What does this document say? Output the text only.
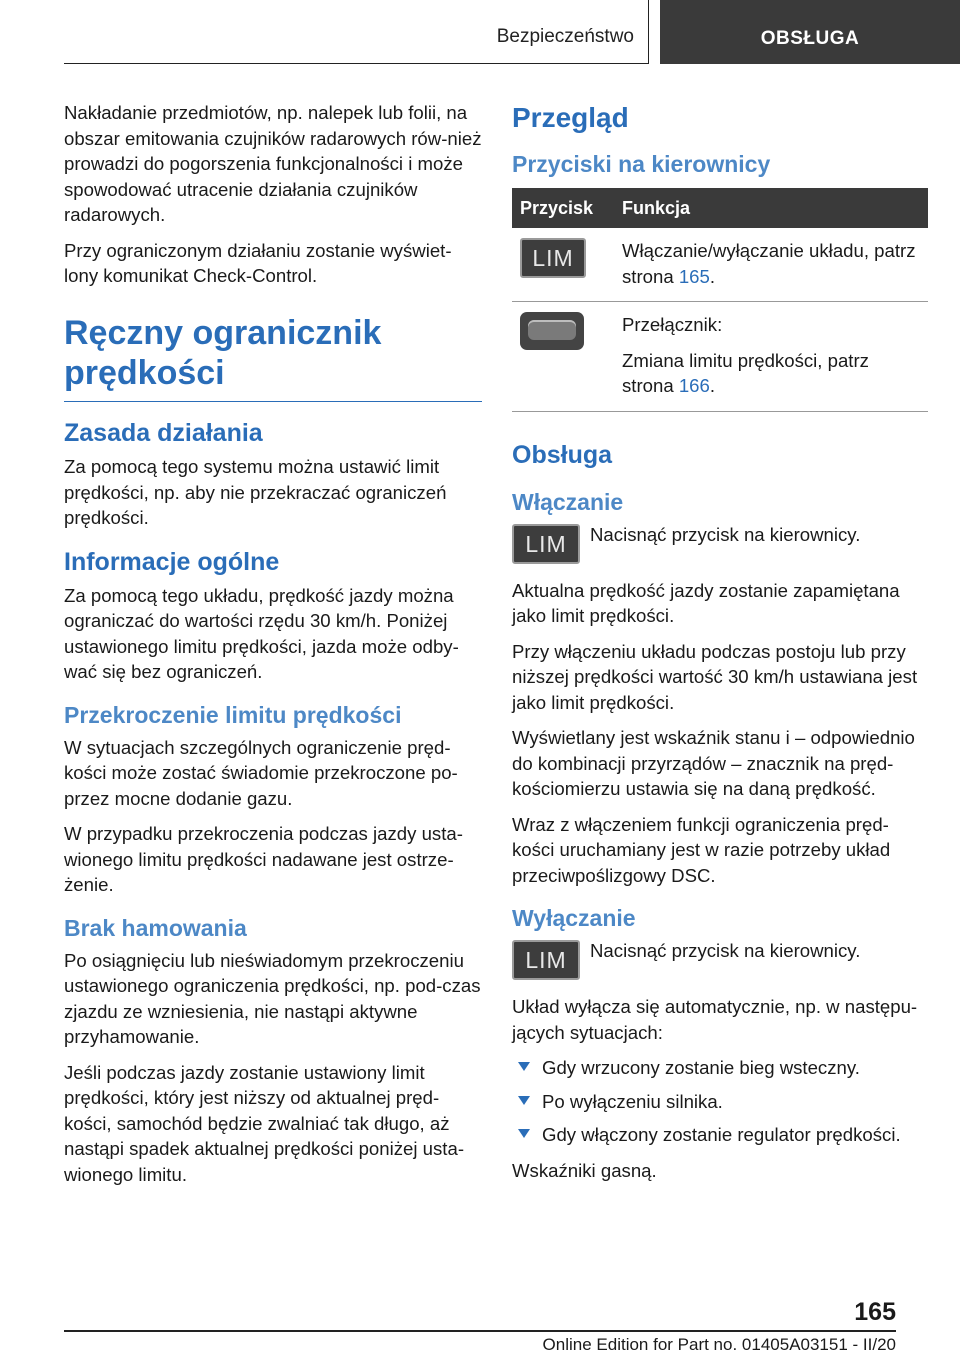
Bezpieczeństwo	OBSŁUGA

Nakładanie przedmiotów, np. nalepek lub folii, na obszar emitowania czujników radarowych rów-nież prowadzi do pogorszenia funkcjonalności i może spowodować utracenie działania czujników radarowych.

Przy ograniczonym działaniu zostanie wyświet-lony komunikat Check-Control.

Ręczny ogranicznik prędkości
Zasada działania

Za pomocą tego systemu można ustawić limit prędkości, np. aby nie przekraczać ograniczeń prędkości.

Informacje ogólne

Za pomocą tego układu, prędkość jazdy można ograniczać do wartości rzędu 30 km/h. Poniżej ustawionego limitu prędkości, jazda może odby-wać się bez ograniczeń.

Przekroczenie limitu prędkości

W sytuacjach szczególnych ograniczenie pręd-kości może zostać świadomie przekroczone po-przez mocne dodanie gazu.

W przypadku przekroczenia podczas jazdy usta-wionego limitu prędkości nadawane jest ostrze-żenie.

Brak hamowania

Po osiągnięciu lub nieświadomym przekroczeniu ustawionego ograniczenia prędkości, np. pod-czas zjazdu ze wzniesienia, nie nastąpi aktywne przyhamowanie.

Jeśli podczas jazdy zostanie ustawiony limit prędkości, który jest niższy od aktualnej pręd-kości, samochód będzie zwalniać tak długo, aż nastąpi spadek aktualnej prędkości poniżej usta-wionego limitu.

Przegląd
Przyciski na kierownicy
Przycisk	Funkcja
LIM	Włączanie/wyłączanie układu, patrz strona 165.

	Przełącznik:
Zmiana limitu prędkości, patrz strona 166.
Obsługa
Włączanie
LIM	Nacisnąć przycisk na kierownicy.

Aktualna prędkość jazdy zostanie zapamiętana jako limit prędkości.

Przy włączeniu układu podczas postoju lub przy niższej prędkości wartość 30 km/h ustawiana jest jako limit prędkości.

Wyświetlany jest wskaźnik stanu i – odpowiednio do kombinacji przyrządów – znacznik na pręd-kościomierzu ustawia się na daną prędkość.

Wraz z włączeniem funkcji ograniczenia pręd-kości uruchamiany jest w razie potrzeby układ przeciwpoślizgowy DSC.

Wyłączanie
LIM	Nacisnąć przycisk na kierownicy.

Układ wyłącza się automatycznie, np. w następu-jących sytuacjach:

Gdy wrzucony zostanie bieg wsteczny.
Po wyłączeniu silnika.
Gdy włączony zostanie regulator prędkości.

Wskaźniki gasną.

165
Online Edition for Part no. 01405A03151 - II/20
